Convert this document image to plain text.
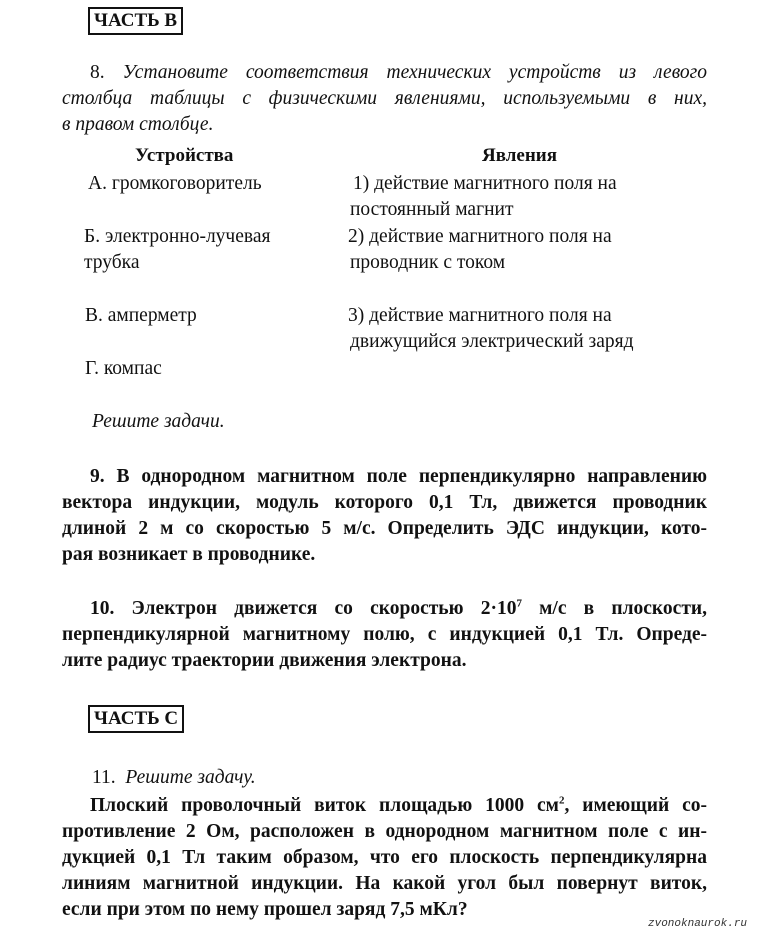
ЧАСТЬ В
8. Установите соответствия технических устройств из левого
столбца таблицы с физическими явлениями, используемыми в них,
в правом столбце.
Устройства	Явления
А. громкоговоритель
Б. электронно-лучевая
трубка
В. амперметр
Г. компас
1) действие магнитного поля на
постоянный магнит
2) действие магнитного поля на
проводник с током
3) действие магнитного поля на
движущийся электрический заряд
Решите задачи.
9. В однородном магнитном поле перпендикулярно направлению
вектора индукции, модуль которого 0,1 Тл, движется проводник
длиной 2 м со скоростью 5 м/с. Определить ЭДС индукции, кото-
рая возникает в проводнике.
10. Электрон движется со скоростью $2\cdot 10^7$ м/с в плоскости,
перпендикулярной магнитному полю, с индукцией 0,1 Тл. Опреде-
лите радиус траектории движения электрона.
ЧАСТЬ С
11. Решите задачу.
Плоский проволочный виток площадью 1000 $см^2$, имеющий со-
противление 2 Ом, расположен в однородном магнитном поле с ин-
дукцией 0,1 Тл таким образом, что его плоскость перпендикулярна
линиям магнитной индукции. На какой угол был повернут виток,
если при этом по нему прошел заряд 7,5 мКл?
zvonoknaurok.ru
